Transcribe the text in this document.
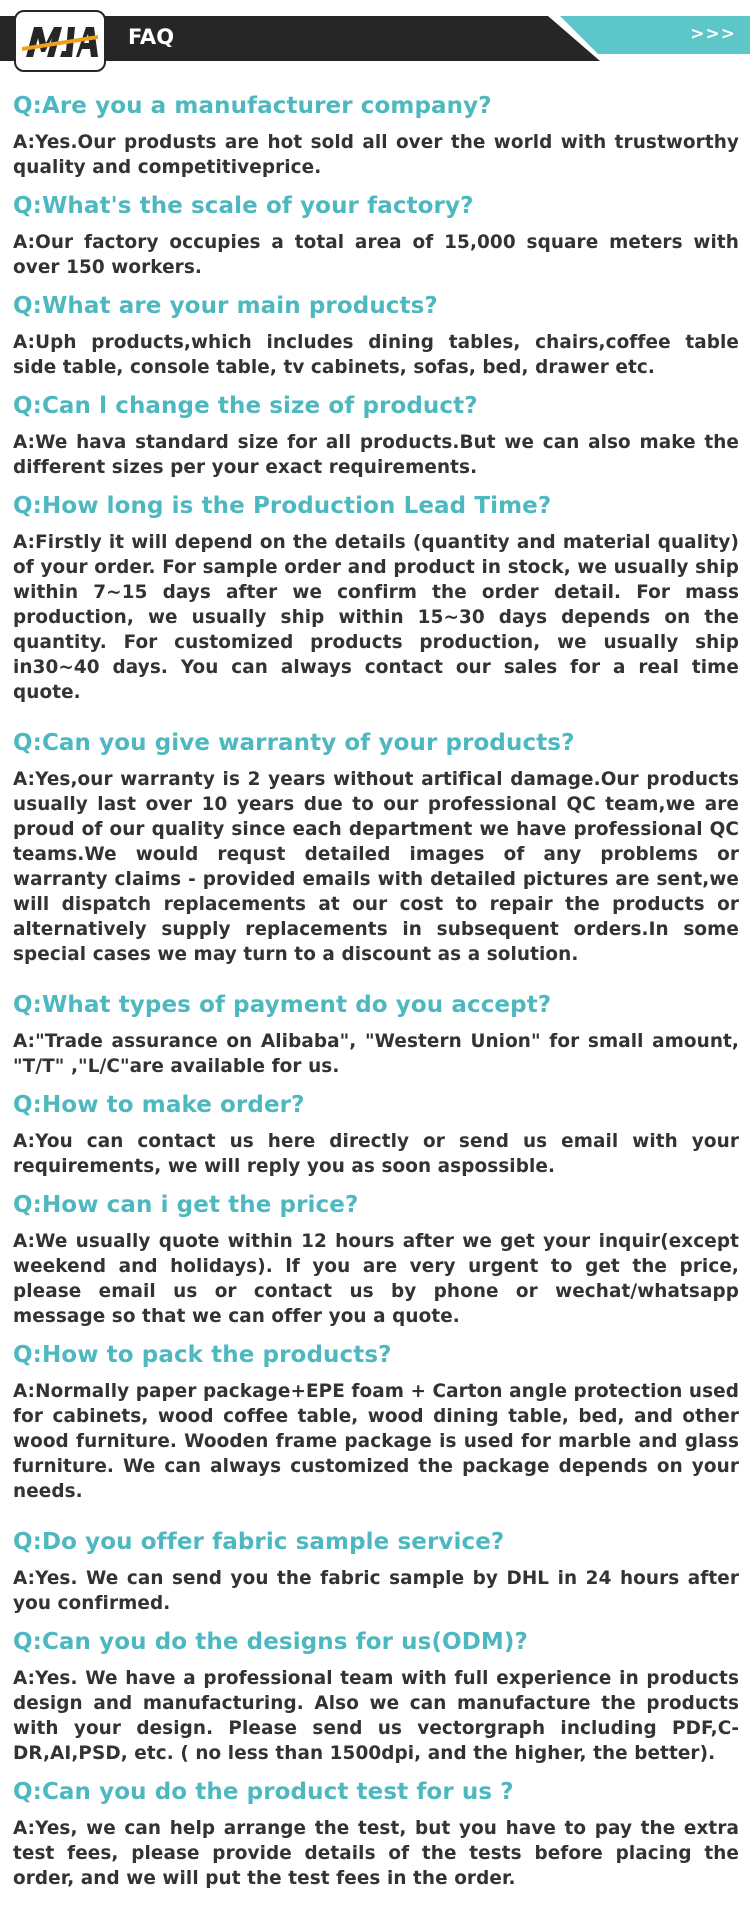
>>>
FAQ

Q:Are you a manufacturer company?

A:Yes.Our produsts are hot sold all over the world with trustworthy quality and competitiveprice.

Q:What's the scale of your factory?

A:Our factory occupies a total area of 15,000 square meters with over 150 workers.

Q:What are your main products?

A:Uph products,which includes dining tables, chairs,coffee table side table, console table, tv cabinets, sofas, bed, drawer etc.

Q:Can l change the size of product?

A:We hava standard size for all products.But we can also make the different sizes per your exact requirements.

Q:How long is the Production Lead Time?

A:Firstly it will depend on the details (quantity and material quality) of your order. For sample order and product in stock, we usually ship within 7~15 days after we confirm the order detail. For mass production, we usually ship within 15~30 days depends on the quantity. For customized products production, we usually ship in30~40 days. You can always contact our sales for a real time quote.

Q:Can you give warranty of your products?

A:Yes,our warranty is 2 years without artifical damage.Our products usually last over 10 years due to our professional QC team,we are proud of our quality since each department we have professional QC teams.We would requst detailed images of any problems or warranty claims - provided emails with detailed pictures are sent,we will dispatch replacements at our cost to repair the products or alternatively supply replacements in subsequent orders.In some special cases we may turn to a discount as a solution.

Q:What types of payment do you accept?

A:"Trade assurance on Alibaba", "Western Union" for small amount, "T/T" ,"L/C"are available for us.

Q:How to make order?

A:You can contact us here directly or send us email with your requirements, we will reply you as soon aspossible.

Q:How can i get the price?

A:We usually quote within 12 hours after we get your inquir(except weekend and holidays). lf you are very urgent to get the price, please email us or contact us by phone or wechat/whatsapp message so that we can offer you a quote.

Q:How to pack the products?

A:Normally paper package+EPE foam + Carton angle protection used for cabinets, wood coffee table, wood dining table, bed, and other wood furniture. Wooden frame package is used for marble and glass furniture. We can always customized the package depends on your needs.

Q:Do you offer fabric sample service?

A:Yes. We can send you the fabric sample by DHL in 24 hours after you confirmed.

Q:Can you do the designs for us(ODM)?

A:Yes. We have a professional team with full experience in products design and manufacturing. Also we can manufacture the products with your design. Please send us vectorgraph including PDF,CDR,AI,PSD, etc. ( no less than 1500dpi, and the higher, the better).

Q:Can you do the product test for us ?

A:Yes, we can help arrange the test, but you have to pay the extra test fees, please provide details of the tests before placing the order, and we will put the test fees in the order.
